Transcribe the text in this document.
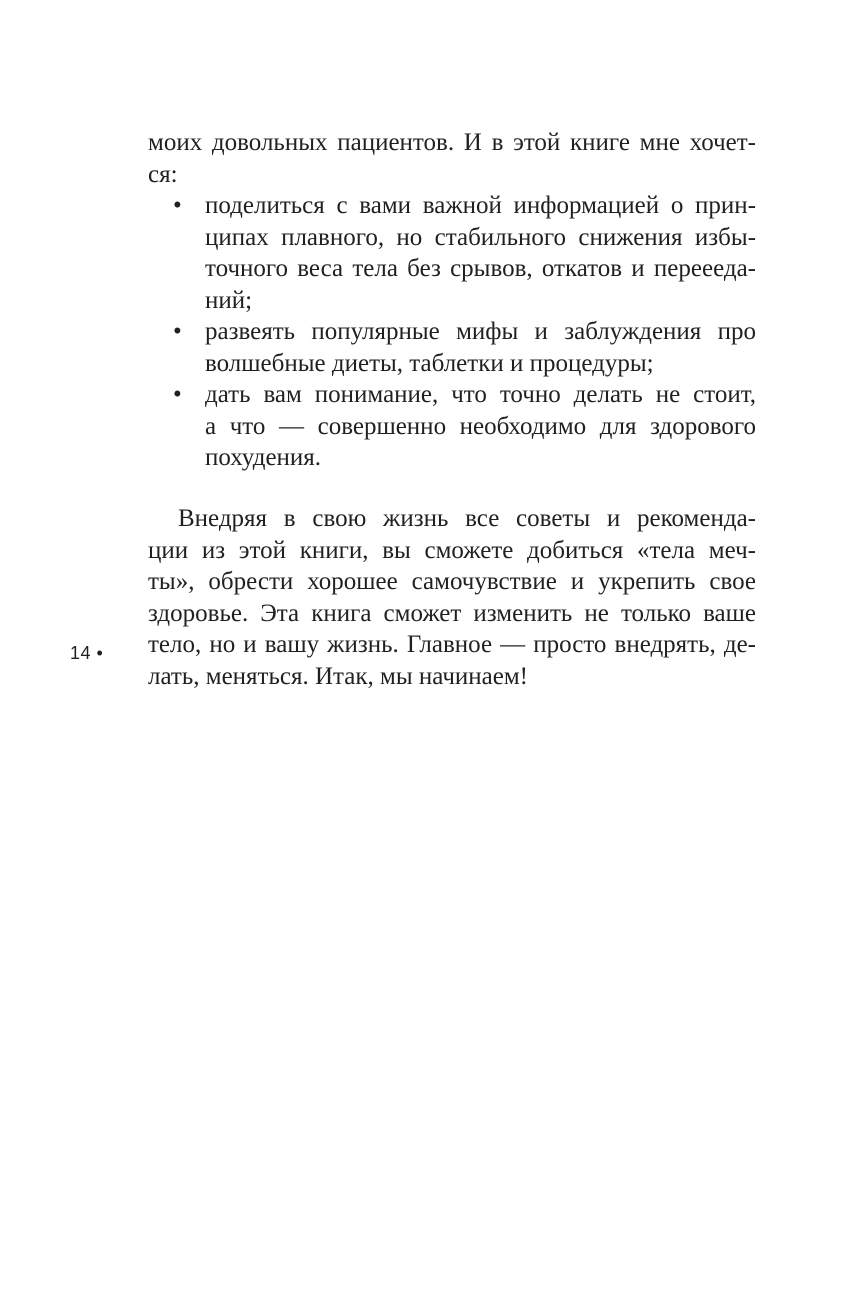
моих довольных пациентов. И в этой книге мне хочет-
ся:
• поделиться с вами важной информацией о прин-
ципах плавного, но стабильного снижения избы-
точного веса тела без срывов, откатов и переееда-
ний;
• развеять популярные мифы и заблуждения про
волшебные диеты, таблетки и процедуры;
• дать вам понимание, что точно делать не стоит,
а что — совершенно необходимо для здорового
похудения.
Внедряя в свою жизнь все советы и рекоменда-
ции из этой книги, вы сможете добиться «тела меч-
ты», обрести хорошее самочувствие и укрепить свое
здоровье. Эта книга сможет изменить не только ваше
тело, но и вашу жизнь. Главное — просто внедрять, де-
лать, меняться. Итак, мы начинаем!
14 •
